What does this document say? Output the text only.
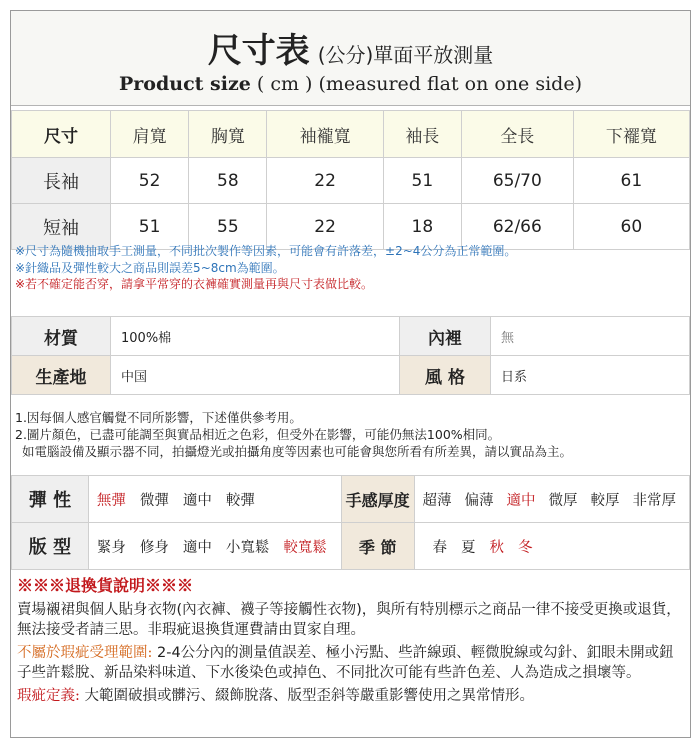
尺寸表 (公分)單面平放測量
Product size ( cm ) (measured flat on one side)
尺寸	肩寬	胸寬	袖襱寬	袖長	全長	下襬寬
長袖	52	58	22	51	65/70	61
短袖	51	55	22	18	62/66	60
※尺寸為隨機抽取手工測量，不同批次製作等因素，可能會有許落差，±2~4公分為正常範圍。
※針織品及彈性較大之商品則誤差5~8cm為範圍。
※若不確定能否穿，請拿平常穿的衣褲確實測量再與尺寸表做比較。
材質	100%棉	內裡	無
生產地	中国	風 格	日系
1.因每個人感官觸覺不同所影響，下述僅供參考用。
2.圖片顏色，已盡可能調至與實品相近之色彩，但受外在影響，可能仍無法100%相同。
如電腦設備及顯示器不同，拍攝燈光或拍攝角度等因素也可能會與您所看有所差異，請以實品為主。
彈 性	無彈 微彈 適中 較彈	手感厚度	超薄 偏薄 適中 微厚 較厚 非常厚
版 型	緊身 修身 適中 小寬鬆 較寬鬆	季 節	春 夏 秋 冬
※※※退換貨說明※※※

賣場襯裙與個人貼身衣物(內衣褲、襪子等接觸性衣物)，與所有特別標示之商品一律不接受更換或退貨，無法接受者請三思。非瑕疵退換貨運費請由買家自理。

不屬於瑕疵受理範圍: 2-4公分內的測量值誤差、極小污點、些許線頭、輕微脫線或勾針、釦眼未開或鈕子些許鬆脫、新品染料味道、下水後染色或掉色、不同批次可能有些許色差、人為造成之損壞等。

瑕疵定義: 大範圍破損或髒污、綴飾脫落、版型歪斜等嚴重影響使用之異常情形。
